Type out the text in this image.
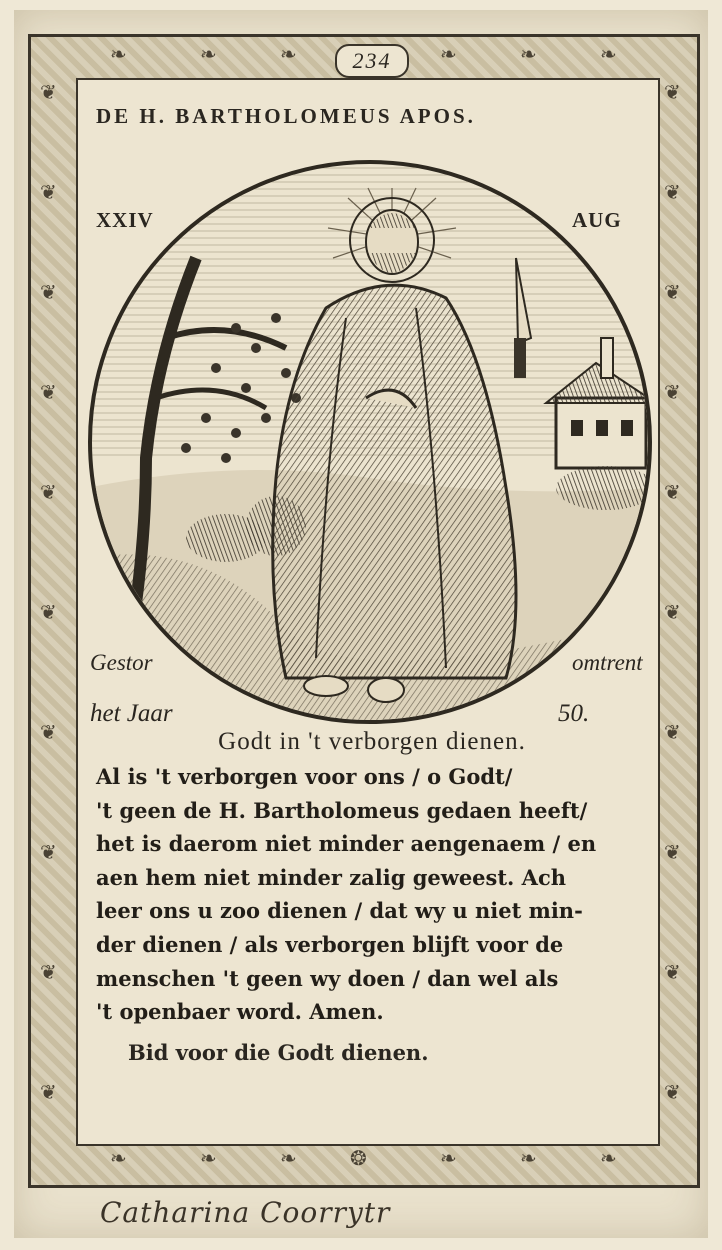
❦
❦
❦
❦
❦
❦
❦
❦
❦
❦
❦
❦
❦
❦
❦
❦
❦
❦
❦
❦
❧	❧	❧	❧	❧	❧
❧	❧	❧	❂	❧	❧	❧
234
DE H. BARTHOLOMEUS APOS.
XXIV	AUG
Gestor	omtrent
het Jaar	50.
Godt in 't verborgen dienen.
Al is 't verborgen voor ons / o Godt/
't geen de H. Bartholomeus gedaen heeft/
het is daerom niet minder aengenaem / en
aen hem niet minder zalig geweest. Ach
leer ons u zoo dienen / dat wy u niet min-
der dienen / als verborgen blijft voor de
menschen 't geen wy doen / dan wel als
't openbaer word. Amen.
Bid voor die Godt dienen.
Catharina Coorrytr
